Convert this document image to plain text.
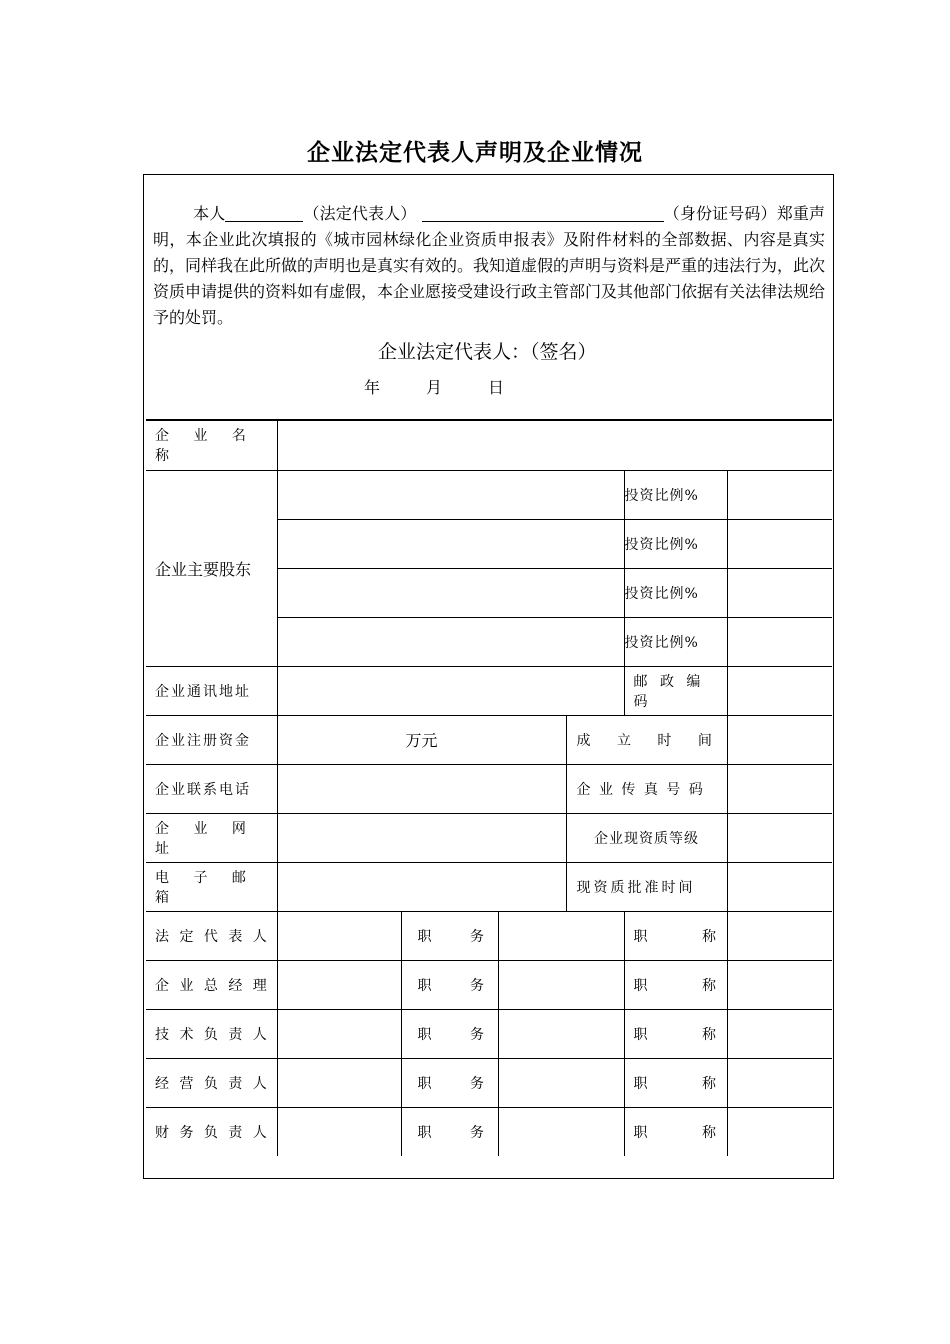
企业法定代表人声明及企业情况
本人	（法定代表人）	（身份证号码）郑重声明，本企业此次填报的《城市园林绿化企业资质申报表》及附件材料的全部数据、内容是真实的，同样我在此所做的声明也是真实有效的。我知道虚假的声明与资料是严重的违法行为，此次资质申请提供的资料如有虚假，本企业愿接受建设行政主管部门及其他部门依据有关法律法规给予的处罚。
企业法定代表人：（签名）
年	月	日
企 业 名 称						
企业主要股东					投资比例%	
					投资比例%	
					投资比例%	
					投资比例%	
企业通讯地址					邮 政 编 码	
企业注册资金	万元			成 立 时 间		
企业联系电话				企 业 传 真 号 码		
企 业 网 址				企业现资质等级		
电 子 邮 箱				现资质批准时间		
法 定 代 表 人		职 务			职 称	
企 业 总 经 理		职 务			职 称	
技 术 负 责 人		职 务			职 称	
经 营 负 责 人		职 务			职 称	
财 务 负 责 人		职 务			职 称	
